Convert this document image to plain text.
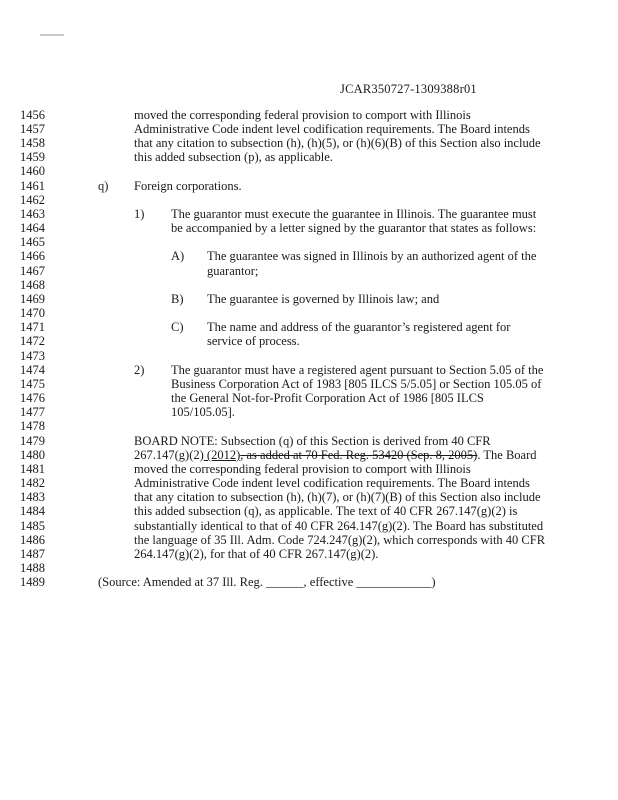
JCAR350727-1309388r01
1456
1457
1458
1459
1460
1461
1462
1463
1464
1465
1466
1467
1468
1469
1470
1471
1472
1473
1474
1475
1476
1477
1478
1479
1480
1481
1482
1483
1484
1485
1486
1487
1488
1489
moved the corresponding federal provision to comport with Illinois
Administrative Code indent level codification requirements. The Board intends
that any citation to subsection (h), (h)(5), or (h)(6)(B) of this Section also include
this added subsection (p), as applicable.
q) Foreign corporations.
1) The guarantor must execute the guarantee in Illinois. The guarantee must
be accompanied by a letter signed by the guarantor that states as follows:
A) The guarantee was signed in Illinois by an authorized agent of the
guarantor;
B) The guarantee is governed by Illinois law; and
C) The name and address of the guarantor’s registered agent for
service of process.
2) The guarantor must have a registered agent pursuant to Section 5.05 of the
Business Corporation Act of 1983 [805 ILCS 5/5.05] or Section 105.05 of
the General Not-for-Profit Corporation Act of 1986 [805 ILCS
105/105.05].
BOARD NOTE: Subsection (q) of this Section is derived from 40 CFR
267.147(g)(2) (2012), as added at 70 Fed. Reg. 53420 (Sep. 8, 2005). The Board
moved the corresponding federal provision to comport with Illinois
Administrative Code indent level codification requirements. The Board intends
that any citation to subsection (h), (h)(7), or (h)(7)(B) of this Section also include
this added subsection (q), as applicable. The text of 40 CFR 267.147(g)(2) is
substantially identical to that of 40 CFR 264.147(g)(2). The Board has substituted
the language of 35 Ill. Adm. Code 724.247(g)(2), which corresponds with 40 CFR
264.147(g)(2), for that of 40 CFR 267.147(g)(2).
(Source: Amended at 37 Ill. Reg. ______, effective ____________)
